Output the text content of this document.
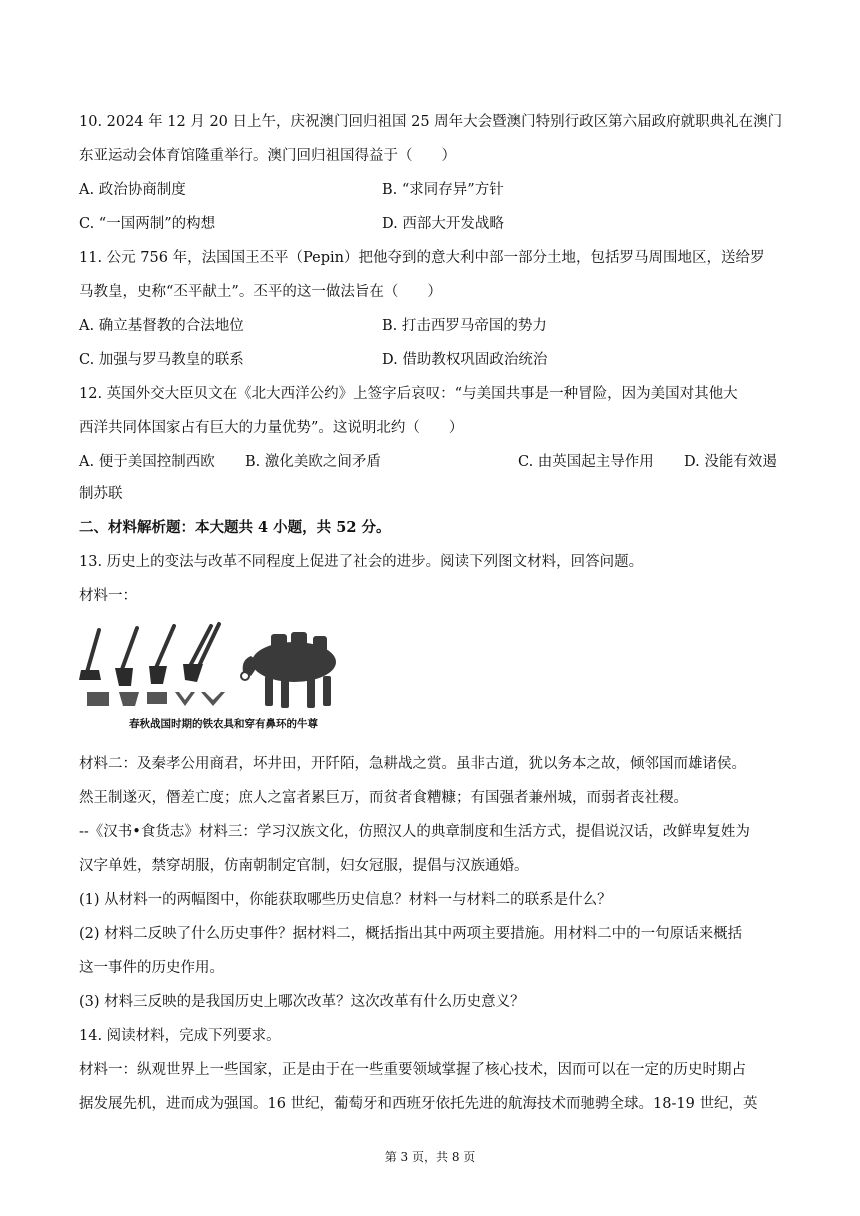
10. 2024 年 12 月 20 日上午，庆祝澳门回归祖国 25 周年大会暨澳门特别行政区第六届政府就职典礼在澳门
东亚运动会体育馆隆重举行。澳门回归祖国得益于（　　）
A. 政治协商制度	B. “求同存异”方针
C. “一国两制”的构想	D. 西部大开发战略
11. 公元 756 年，法国国王丕平（Pepin）把他夺到的意大利中部一部分土地，包括罗马周围地区，送给罗
马教皇，史称“丕平献土”。丕平的这一做法旨在（　　）
A. 确立基督教的合法地位	B. 打击西罗马帝国的势力
C. 加强与罗马教皇的联系	D. 借助教权巩固政治统治
12. 英国外交大臣贝文在《北大西洋公约》上签字后哀叹：“与美国共事是一种冒险，因为美国对其他大
西洋共同体国家占有巨大的力量优势”。这说明北约（　　）
A. 便于美国控制西欧 B. 激化美欧之间矛盾	C. 由英国起主导作用 D. 没能有效遏
制苏联
二、材料解析题：本大题共 4 小题，共 52 分。
13. 历史上的变法与改革不同程度上促进了社会的进步。阅读下列图文材料，回答问题。
材料一：
春秋战国时期的铁农具和穿有鼻环的牛尊
材料二：及秦孝公用商君，坏井田，开阡陌，急耕战之赏。虽非古道，犹以务本之故，倾邻国而雄诸侯。
然王制遂灭，僭差亡度；庶人之富者累巨万，而贫者食糟糠；有国强者兼州城，而弱者丧社稷。
--《汉书•食货志》材料三：学习汉族文化，仿照汉人的典章制度和生活方式，提倡说汉话，改鲜卑复姓为
汉字单姓，禁穿胡服，仿南朝制定官制，妇女冠服，提倡与汉族通婚。
(1) 从材料一的两幅图中，你能获取哪些历史信息？材料一与材料二的联系是什么？
(2) 材料二反映了什么历史事件？据材料二，概括指出其中两项主要措施。用材料二中的一句原话来概括
这一事件的历史作用。
(3) 材料三反映的是我国历史上哪次改革？这次改革有什么历史意义？
14. 阅读材料，完成下列要求。
材料一：纵观世界上一些国家，正是由于在一些重要领域掌握了核心技术，因而可以在一定的历史时期占
据发展先机，进而成为强国。16 世纪，葡萄牙和西班牙依托先进的航海技术而驰骋全球。18-19 世纪，英
第 3 页，共 8 页
